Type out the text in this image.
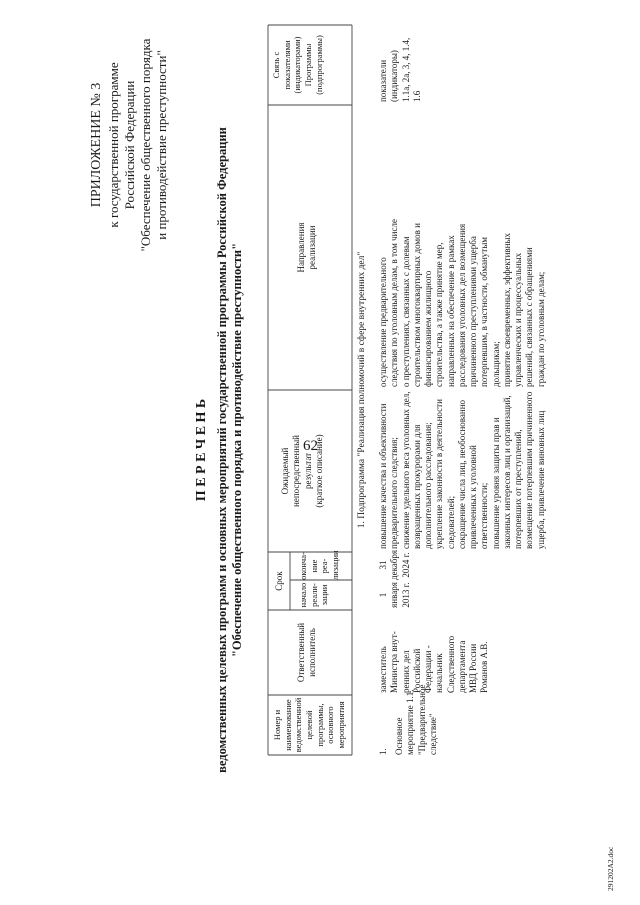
62

ПРИЛОЖЕНИЕ № 3 к государственной программе Российской Федерации "Обеспечение общественного порядка и противодействие преступности"

П Е Р Е Ч Е Н Ь ведомственных целевых программ и основных мероприятий государственной программы Российской Федерации "Обеспечение общественного порядка и противодействие преступности"

Номер и наименование ведомственной целевой программы, основного мероприятия

Ответственный исполнитель

Срок

начало реали- зации

оконча- ние реа- лизации

Ожидаемый непосредственный результат (краткое описание)

Направления реализации

Связь с показателями (индикаторами) Программы (подпрограммы)

1. Подпрограмма "Реализация полномочий в сфере внутренних дел"
1. Основное мероприятие 1.1. "Предварительное следствие"

заместитель Министра внут- ренних дел Российской Федерации - начальник Следственного департамента МВД России Романов А.В.

1 января 2013 г.

31 декабря 2024 г.

повышение качества и объективности предварительного следствия; снижение удельного веса уголовных дел, возвращенных прокурорами для дополнительного расследования; укрепление законности в деятельности следователей; сокращение числа лиц, необоснованно привлеченных к уголовной ответственности; повышение уровня защиты прав и законных интересов лиц и организаций, потерпевших от преступлений, возмещение потерпевшим причиненного ущерба, привлечение виновных лиц

осуществление предварительного следствия по уголовным делам, в том числе о преступлениях, связанных с долевым строительством многоквартирных домов и финансированием жилищного строительства, а также принятие мер, направленных на обеспечение в рамках расследования уголовных дел возмещения причиненного преступлениями ущерба потерпевшим, в частности, обманутым дольщикам; принятие своевременных, эффективных управленческих и процессуальных решений, связанных с обращениями граждан по уголовным делам;

показатели (индикаторы) 1.1а, 2а, 3, 4, 1.4, 1.6

291202A2.doc
